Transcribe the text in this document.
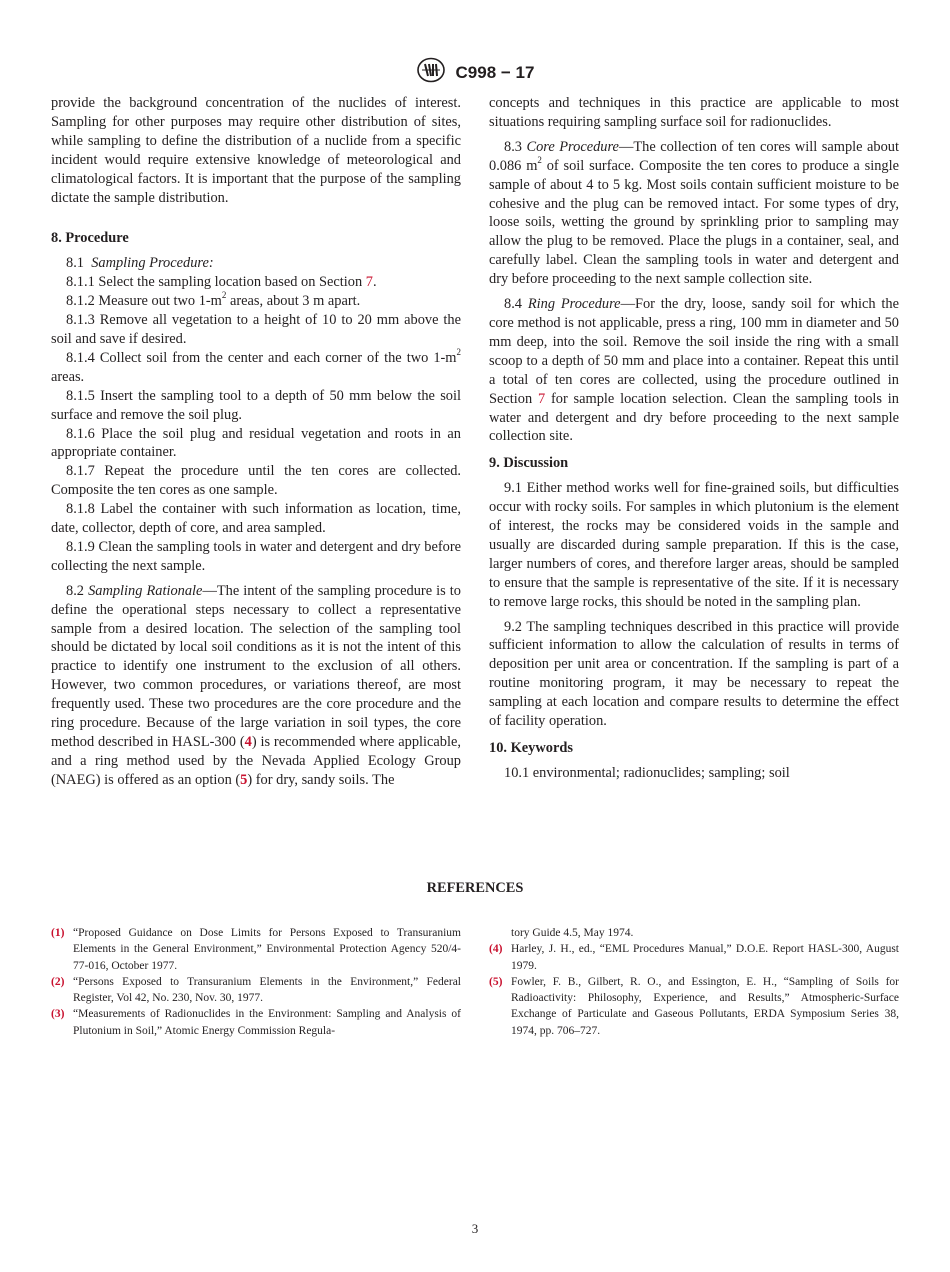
C998 − 17

provide the background concentration of the nuclides of interest. Sampling for other purposes may require other distribution of sites, while sampling to define the distribution of a nuclide from a specific incident would require extensive knowledge of meteorological and climatological factors. It is important that the purpose of the sampling dictate the sample distribution.

8. Procedure

8.1 Sampling Procedure:

8.1.1 Select the sampling location based on Section 7.

8.1.2 Measure out two $1-m^2$ areas, about 3 m apart.

8.1.3 Remove all vegetation to a height of 10 to 20 mm above the soil and save if desired.

8.1.4 Collect soil from the center and each corner of the two $1-m^2$ areas.

8.1.5 Insert the sampling tool to a depth of 50 mm below the soil surface and remove the soil plug.

8.1.6 Place the soil plug and residual vegetation and roots in an appropriate container.

8.1.7 Repeat the procedure until the ten cores are collected. Composite the ten cores as one sample.

8.1.8 Label the container with such information as location, time, date, collector, depth of core, and area sampled.

8.1.9 Clean the sampling tools in water and detergent and dry before collecting the next sample.

8.2 Sampling Rationale—The intent of the sampling procedure is to define the operational steps necessary to collect a representative sample from a desired location. The selection of the sampling tool should be dictated by local soil conditions as it is not the intent of this practice to identify one instrument to the exclusion of all others. However, two common procedures, or variations thereof, are most frequently used. These two procedures are the core procedure and the ring procedure. Because of the large variation in soil types, the core method described in HASL-300 (4) is recommended where applicable, and a ring method used by the Nevada Applied Ecology Group (NAEG) is offered as an option (5) for dry, sandy soils. The

concepts and techniques in this practice are applicable to most situations requiring sampling surface soil for radionuclides.

8.3 Core Procedure—The collection of ten cores will sample about 0.086 $m^2$ of soil surface. Composite the ten cores to produce a single sample of about 4 to 5 kg. Most soils contain sufficient moisture to be cohesive and the plug can be removed intact. For some types of dry, loose soils, wetting the ground by sprinkling prior to sampling may allow the plug to be removed. Place the plugs in a container, seal, and carefully label. Clean the sampling tools in water and detergent and dry before proceeding to the next sample collection site.

8.4 Ring Procedure—For the dry, loose, sandy soil for which the core method is not applicable, press a ring, 100 mm in diameter and 50 mm deep, into the soil. Remove the soil inside the ring with a small scoop to a depth of 50 mm and place into a container. Repeat this until a total of ten cores are collected, using the procedure outlined in Section 7 for sample location selection. Clean the sampling tools in water and detergent and dry before proceeding to the next sample collection site.

9. Discussion

9.1 Either method works well for fine-grained soils, but difficulties occur with rocky soils. For samples in which plutonium is the element of interest, the rocks may be considered voids in the sample and usually are discarded during sample preparation. If this is the case, larger numbers of cores, and therefore larger areas, should be sampled to ensure that the sample is representative of the site. If it is necessary to remove large rocks, this should be noted in the sampling plan.

9.2 The sampling techniques described in this practice will provide sufficient information to allow the calculation of results in terms of deposition per unit area or concentration. If the sampling is part of a routine monitoring program, it may be necessary to repeat the sampling at each location and compare results to determine the effect of facility operation.

10. Keywords

10.1 environmental; radionuclides; sampling; soil

REFERENCES
(1) “Proposed Guidance on Dose Limits for Persons Exposed to Transuranium Elements in the General Environment,” Environmental Protection Agency 520/4-77-016, October 1977.
(2) “Persons Exposed to Transuranium Elements in the Environment,” Federal Register, Vol 42, No. 230, Nov. 30, 1977.
(3) “Measurements of Radionuclides in the Environment: Sampling and Analysis of Plutonium in Soil,” Atomic Energy Commission Regula-
tory Guide 4.5, May 1974.
(4) Harley, J. H., ed., “EML Procedures Manual,” D.O.E. Report HASL-300, August 1979.
(5) Fowler, F. B., Gilbert, R. O., and Essington, E. H., “Sampling of Soils for Radioactivity: Philosophy, Experience, and Results,” Atmospheric-Surface Exchange of Particulate and Gaseous Pollutants, ERDA Symposium Series 38, 1974, pp. 706–727.
3
